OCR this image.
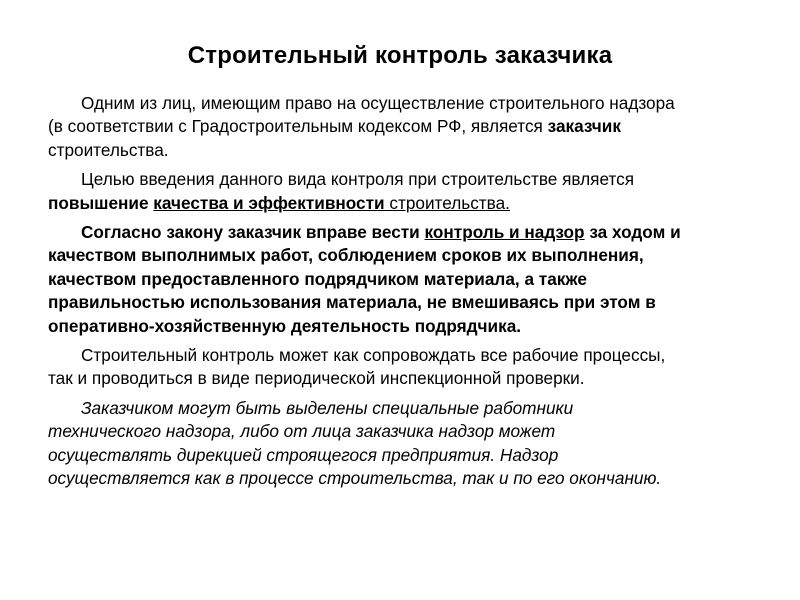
Строительный контроль заказчика
Одним из лиц, имеющим право на осуществление строительного надзора
(в соответствии с Градостроительным кодексом РФ, является заказчик
строительства.
Целью введения данного вида контроля при строительстве является
повышение качества и эффективности строительства.
Согласно закону заказчик вправе вести контроль и надзор за ходом и
качеством выполнимых работ, соблюдением сроков их выполнения,
качеством предоставленного подрядчиком материала, а также
правильностью использования материала, не вмешиваясь при этом в
оперативно-хозяйственную деятельность подрядчика.
Строительный контроль может как сопровождать все рабочие процессы,
так и проводиться в виде периодической инспекционной проверки.
Заказчиком могут быть выделены специальные работники
технического надзора, либо от лица заказчика надзор может
осуществлять дирекцией строящегося предприятия. Надзор
осуществляется как в процессе строительства, так и по его окончанию.
